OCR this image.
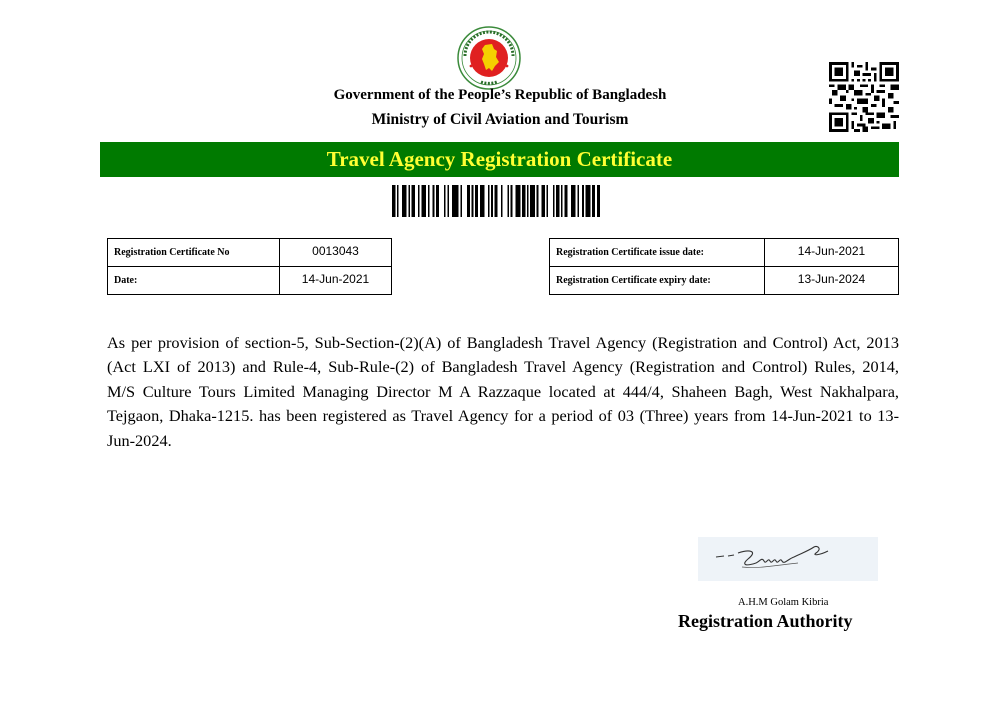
Government of the People’s Republic of Bangladesh
Ministry of Civil Aviation and Tourism
Travel Agency Registration Certificate
Registration Certificate No	0013043
Date:	14-Jun-2021
Registration Certificate issue date:	14-Jun-2021
Registration Certificate expiry date:	13-Jun-2024

As per provision of section-5, Sub-Section-(2)(A) of Bangladesh Travel Agency (Registration and Control) Act, 2013 (Act LXI of 2013) and Rule-4, Sub-Rule-(2) of Bangladesh Travel Agency (Registration and Control) Rules, 2014, M/S Culture Tours Limited Managing Director M A Razzaque located at 444/4, Shaheen Bagh, West Nakhalpara, Tejgaon, Dhaka-1215. has been registered as Travel Agency for a period of 03 (Three) years from 14-Jun-2021 to 13-Jun-2024.

A.H.M Golam Kibria
Registration Authority
